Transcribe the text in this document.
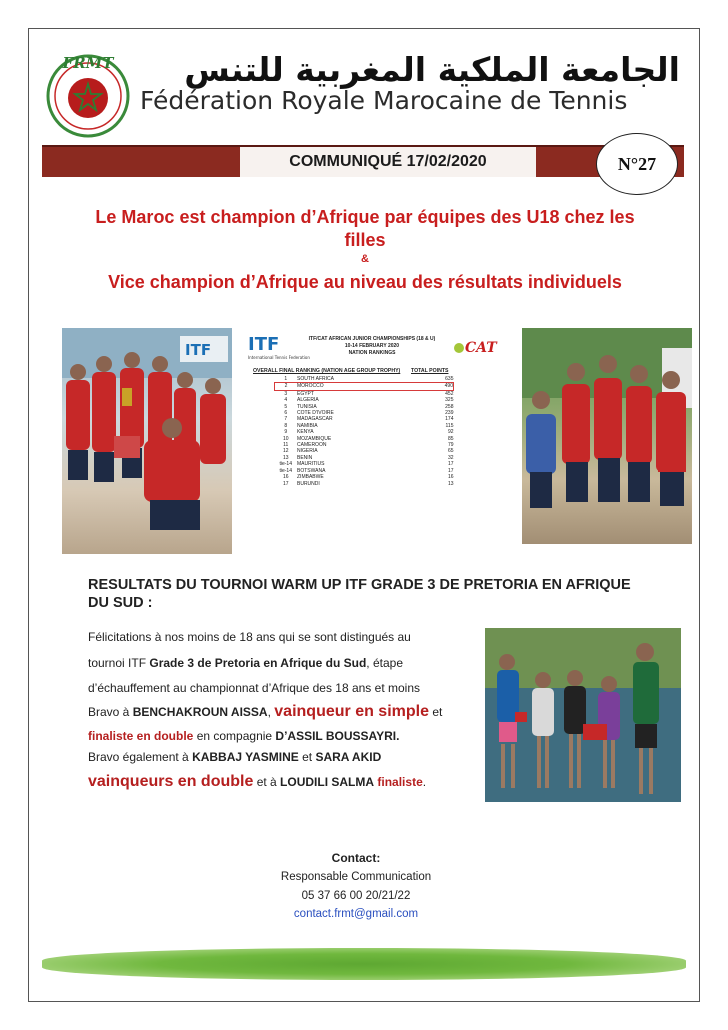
FRMT	الجامعة الملكية المغربية للتنس
Fédération Royale Marocaine de Tennis
COMMUNIQUÉ 17/02/2020	N°27
Le Maroc est champion d’Afrique par équipes des U18 chez les filles
&
Vice champion d’Afrique au niveau des résultats individuels
ITF ITF
International Tennis Federation
CAT
ITF/CAT AFRICAN JUNIOR CHAMPIONSHIPS (18 & U)
10-14 FEBRUARY 2020
NATION RANKINGS
OVERALL FINAL RANKING (NATION AGE GROUP TROPHY) TOTAL POINTS
1	SOUTH AFRICA	635
2	MOROCCO	490
3	EGYPT	452
4	ALGERIA	325
5	TUNISIA	258
6	COTE D'IVOIRE	239
7	MADAGASCAR	174
8	NAMIBIA	115
9	KENYA	92
10	MOZAMBIQUE	85
11	CAMEROON	79
12	NIGERIA	65
13	BENIN	32
tie-14	MAURITIUS	17
tie-14	BOTSWANA	17
16	ZIMBABWE	16
17	BURUNDI	13
RESULTATS DU TOURNOI WARM UP ITF GRADE 3 DE PRETORIA EN AFRIQUE DU SUD :
Félicitations à nos moins de 18 ans qui se sont distingués au
tournoi ITF Grade 3 de Pretoria en Afrique du Sud, étape
d’échauffement au championnat d’Afrique des 18 ans et moins
Bravo à BENCHAKROUN AISSA, vainqueur en simple et
finaliste en double en compagnie D’ASSIL BOUSSAYRI.
Bravo également à KABBAJ YASMINE et SARA AKID
vainqueurs en double et à LOUDILI SALMA finaliste.
Contact:
Responsable Communication
05 37 66 00 20/21/22
contact.frmt@gmail.com
